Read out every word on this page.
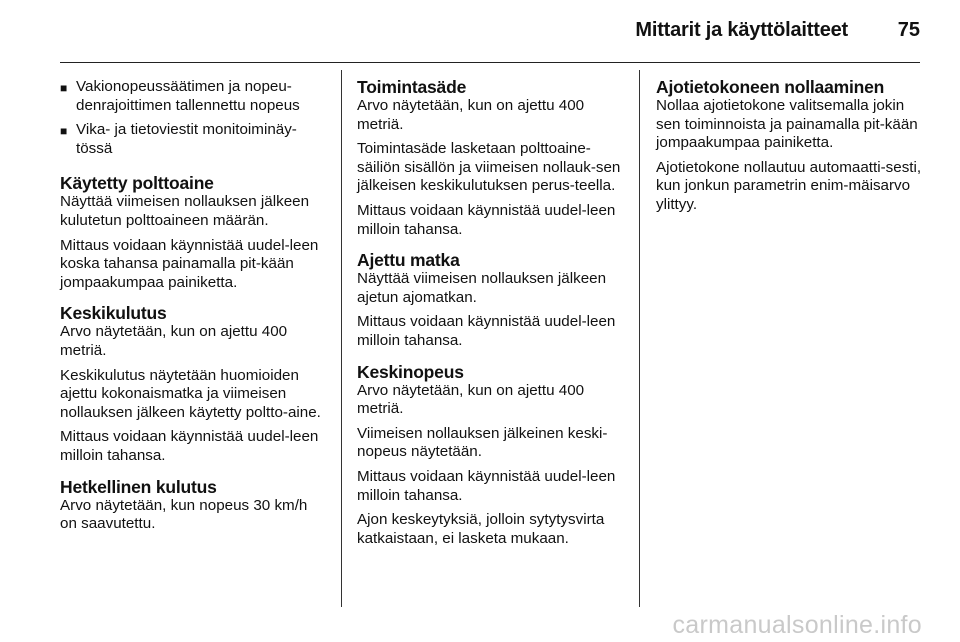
Mittarit ja käyttölaitteet 75
■ Vakionopeussäätimen ja nopeu-denrajoittimen tallennettu nopeus
■ Vika- ja tietoviestit monitoiminäy-tössä
Käytetty polttoaine

Näyttää viimeisen nollauksen jälkeen kulutetun polttoaineen määrän.

Mittaus voidaan käynnistää uudel-leen koska tahansa painamalla pit-kään jompaakumpaa painiketta.

Keskikulutus

Arvo näytetään, kun on ajettu 400 metriä.

Keskikulutus näytetään huomioiden ajettu kokonaismatka ja viimeisen nollauksen jälkeen käytetty poltto-aine.

Mittaus voidaan käynnistää uudel-leen milloin tahansa.

Hetkellinen kulutus

Arvo näytetään, kun nopeus 30 km/h on saavutettu.

Toimintasäde

Arvo näytetään, kun on ajettu 400 metriä.

Toimintasäde lasketaan polttoaine-säiliön sisällön ja viimeisen nollauk-sen jälkeisen keskikulutuksen perus-teella.

Mittaus voidaan käynnistää uudel-leen milloin tahansa.

Ajettu matka

Näyttää viimeisen nollauksen jälkeen ajetun ajomatkan.

Mittaus voidaan käynnistää uudel-leen milloin tahansa.

Keskinopeus

Arvo näytetään, kun on ajettu 400 metriä.

Viimeisen nollauksen jälkeinen keski-nopeus näytetään.

Mittaus voidaan käynnistää uudel-leen milloin tahansa.

Ajon keskeytyksiä, jolloin sytytysvirta katkaistaan, ei lasketa mukaan.

Ajotietokoneen nollaaminen

Nollaa ajotietokone valitsemalla jokin sen toiminnoista ja painamalla pit-kään jompaakumpaa painiketta.

Ajotietokone nollautuu automaatti-sesti, kun jonkun parametrin enim-mäisarvo ylittyy.

carmanualsonline.info
